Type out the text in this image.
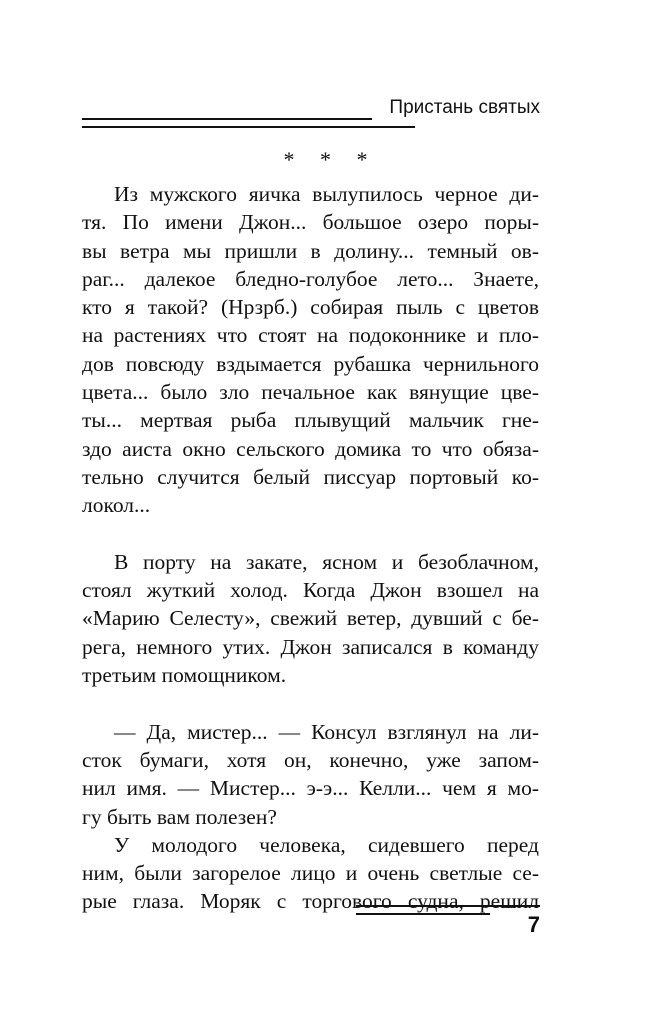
Пристань святых
* * *
Из мужского яичка вылупилось черное ди-
тя. По имени Джон... большое озеро поры-
вы ветра мы пришли в долину... темный ов-
раг... далекое бледно-голубое лето... Знаете,
кто я такой? (Нрзрб.) собирая пыль с цветов
на растениях что стоят на подоконнике и пло-
дов повсюду вздымается рубашка чернильного
цвета... было зло печальное как вянущие цве-
ты... мертвая рыба плывущий мальчик гне-
здо аиста окно сельского домика то что обяза-
тельно случится белый писсуар портовый ко-
локол...
В порту на закате, ясном и безоблачном,
стоял жуткий холод. Когда Джон взошел на
«Марию Селесту», свежий ветер, дувший с бе-
рега, немного утих. Джон записался в команду
третьим помощником.
— Да, мистер... — Консул взглянул на ли-
сток бумаги, хотя он, конечно, уже запом-
нил имя. — Мистер... э-э... Келли... чем я мо-
гу быть вам полезен?
У молодого человека, сидевшего перед
ним, были загорелое лицо и очень светлые се-
рые глаза. Моряк с торгового судна, решил
7
